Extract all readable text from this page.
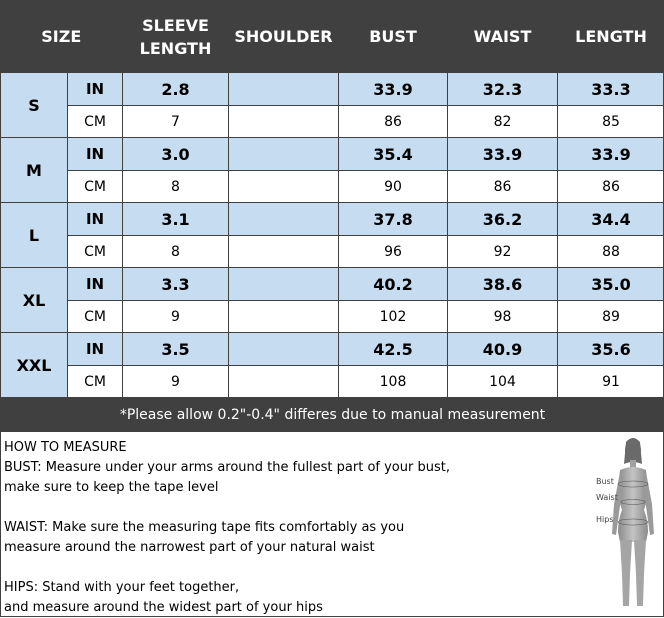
SIZE		SLEEVE
LENGTH	SHOULDER	BUST	WAIST	LENGTH
S	IN	2.8		33.9	32.3	33.3
	CM	7		86	82	85
M	IN	3.0		35.4	33.9	33.9
	CM	8		90	86	86
L	IN	3.1		37.8	36.2	34.4
	CM	8		96	92	88
XL	IN	3.3		40.2	38.6	35.0
	CM	9		102	98	89
XXL	IN	3.5		42.5	40.9	35.6
	CM	9		108	104	91
*Please allow 0.2"-0.4" differes due to manual measurement						

HOW TO MEASURE

BUST: Measure under your arms around the fullest part of your bust,

make sure to keep the tape level

WAIST: Make sure the measuring tape fits comfortably as you

measure around the narrowest part of your natural waist

HIPS: Stand with your feet together,

and measure around the widest part of your hips

Bust
Waist
Hips
